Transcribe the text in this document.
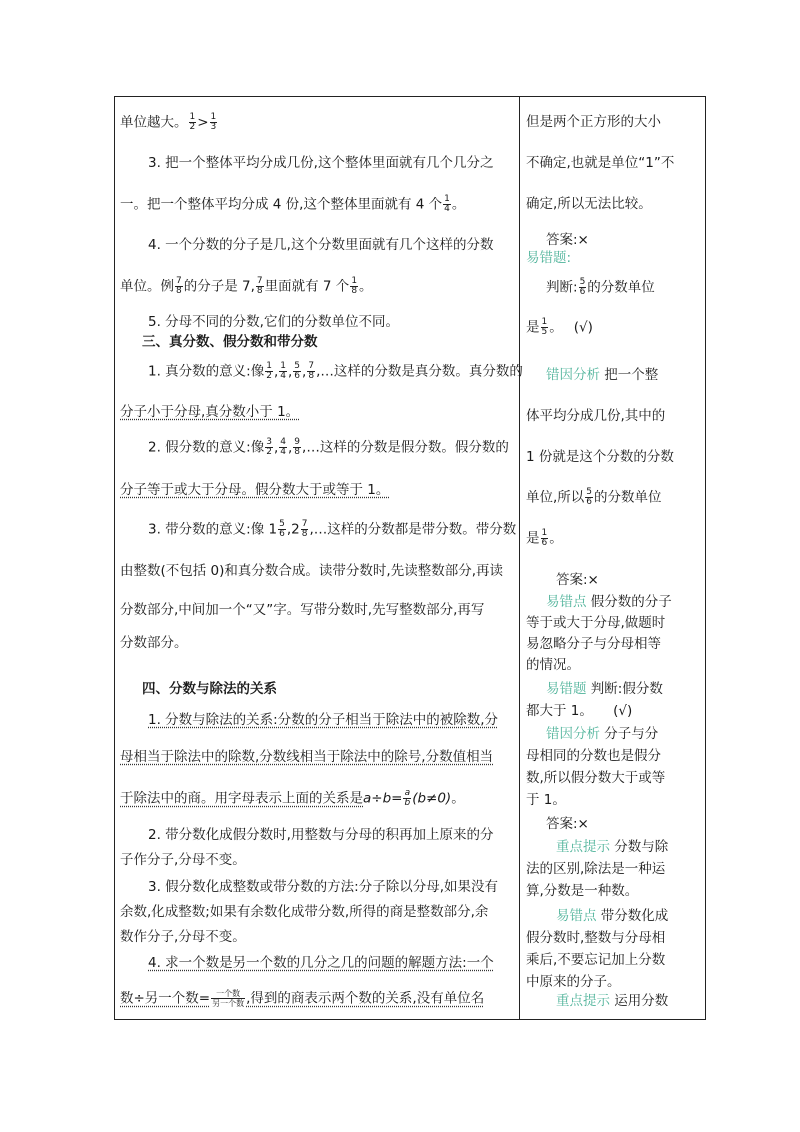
单位越大。 $\frac{1}{2} > \frac{1}{3}$
3. 把一个整体平均分成几份,这个整体里面就有几个几分之
一。把一个整体平均分成 4 份,这个整体里面就有 4 个 $\frac{1}{4}$ 。
4. 一个分数的分子是几,这个分数里面就有几个这样的分数
单位。例 $\frac{7}{8}$ 的分子是 7, $\frac{7}{8}$ 里面就有 7 个 $\frac{1}{8}$ 。
5. 分母不同的分数,它们的分数单位不同。
三、真分数、假分数和带分数
1. 真分数的意义:像 $\frac{1}{2}$ , $\frac{1}{4}$ , $\frac{5}{6}$ , $\frac{7}{8}$ ,…这样的分数是真分数。真分数的
分子小于分母,真分数小于 1。
2. 假分数的意义:像 $\frac{3}{2}$ , $\frac{4}{4}$ , $\frac{9}{8}$ ,…这样的分数是假分数。假分数的
分子等于或大于分母。假分数大于或等于 1。
3. 带分数的意义:像 $1 \frac{5}{6} ,2 \frac{7}{8}$ ,…这样的分数都是带分数。带分数
由整数(不包括 0)和真分数合成。读带分数时,先读整数部分,再读
分数部分,中间加一个“又”字。写带分数时,先写整数部分,再写
分数部分。
四、分数与除法的关系
1. 分数与除法的关系:分数的分子相当于除法中的被除数,分
母相当于除法中的除数,分数线相当于除法中的除号,分数值相当
于除法中的商。用字母表示上面的关系是$a\div b= \frac{a}{b} (b\ne 0)$。
2. 带分数化成假分数时,用整数与分母的积再加上原来的分
子作分子,分母不变。
3. 假分数化成整数或带分数的方法:分子除以分母,如果没有
余数,化成整数;如果有余数化成带分数,所得的商是整数部分,余
数作分子,分母不变。
4. 求一个数是另一个数的几分之几的问题的解题方法:一个
数÷另一个数= $\frac{\text{一个数}}{\text{另一个数}}$ ,得到的商表示两个数的关系,没有单位名
但是两个正方形的大小
不确定,也就是单位“1”不
确定,所以无法比较。
答案:×
易错题:
判断: $\frac{5}{6}$ 的分数单位
是 $\frac{1}{5}$ 。　 (√)
错因分析 把一个整
体平均分成几份,其中的
1 份就是这个分数的分数
单位,所以 $\frac{5}{6}$ 的分数单位
是 $\frac{1}{6}$ 。
答案:×
易错点 假分数的分子
等于或大于分母,做题时
易忽略分子与分母相等
的情况。
易错题 判断:假分数
都大于 1。　　(√)
错因分析 分子与分
母相同的分数也是假分
数,所以假分数大于或等
于 1。
答案:×
重点提示 分数与除
法的区别,除法是一种运
算,分数是一种数。
易错点 带分数化成
假分数时,整数与分母相
乘后,不要忘记加上分数
中原来的分子。
重点提示 运用分数
